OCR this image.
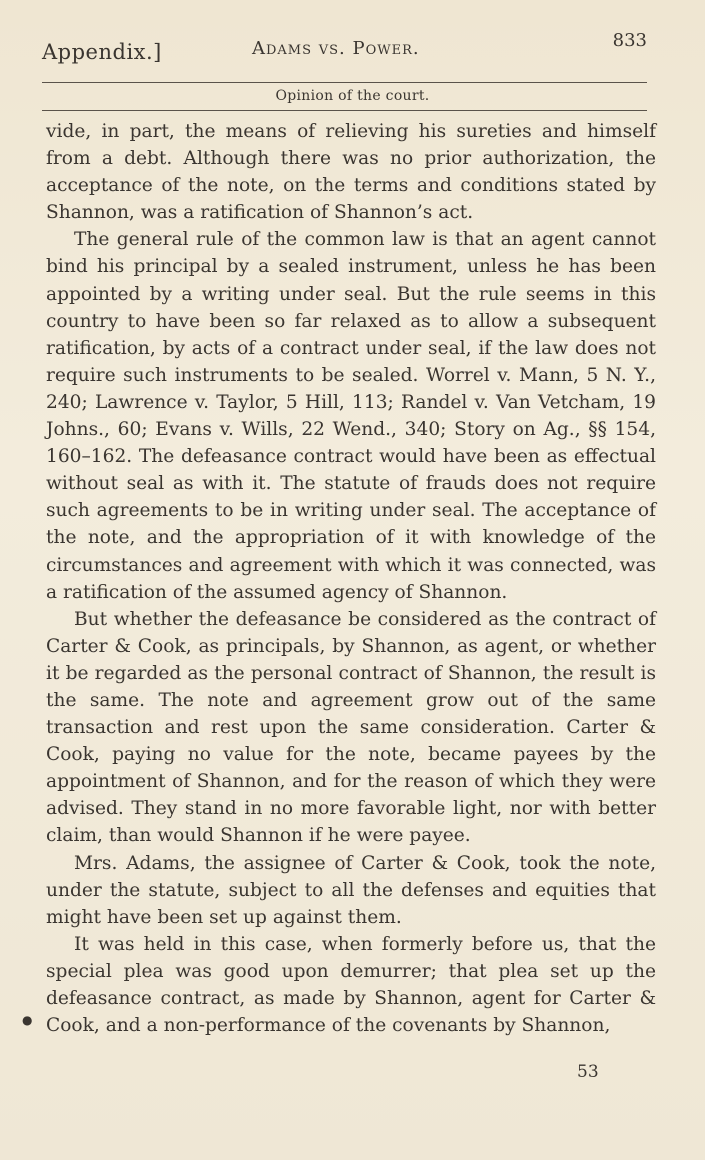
Appendix.]	Adams vs. Power.	833
Opinion of the court.

vide, in part, the means of relieving his sureties and himself from a debt. Although there was no prior authorization, the acceptance of the note, on the terms and conditions stated by Shannon, was a ratification of Shannon’s act.

The general rule of the common law is that an agent cannot bind his principal by a sealed instrument, unless he has been appointed by a writing under seal. But the rule seems in this country to have been so far relaxed as to allow a subsequent ratification, by acts of a contract under seal, if the law does not require such instruments to be sealed. Worrel v. Mann, 5 N. Y., 240; Lawrence v. Taylor, 5 Hill, 113; Randel v. Van Vetcham, 19 Johns., 60; Evans v. Wills, 22 Wend., 340; Story on Ag., §§ 154, 160–162. The defeasance contract would have been as effectual without seal as with it. The statute of frauds does not require such agreements to be in writing under seal. The acceptance of the note, and the appropriation of it with knowledge of the circumstances and agreement with which it was connected, was a ratification of the assumed agency of Shannon.

But whether the defeasance be considered as the contract of Carter & Cook, as principals, by Shannon, as agent, or whether it be regarded as the personal contract of Shannon, the result is the same. The note and agreement grow out of the same transaction and rest upon the same consideration. Carter & Cook, paying no value for the note, became payees by the appointment of Shannon, and for the reason of which they were advised. They stand in no more favorable light, nor with better claim, than would Shannon if he were payee.

Mrs. Adams, the assignee of Carter & Cook, took the note, under the statute, subject to all the defenses and equities that might have been set up against them.

It was held in this case, when formerly before us, that the special plea was good upon demurrer; that plea set up the defeasance contract, as made by Shannon, agent for Carter & Cook, and a non-performance of the covenants by Shannon,

●
53
